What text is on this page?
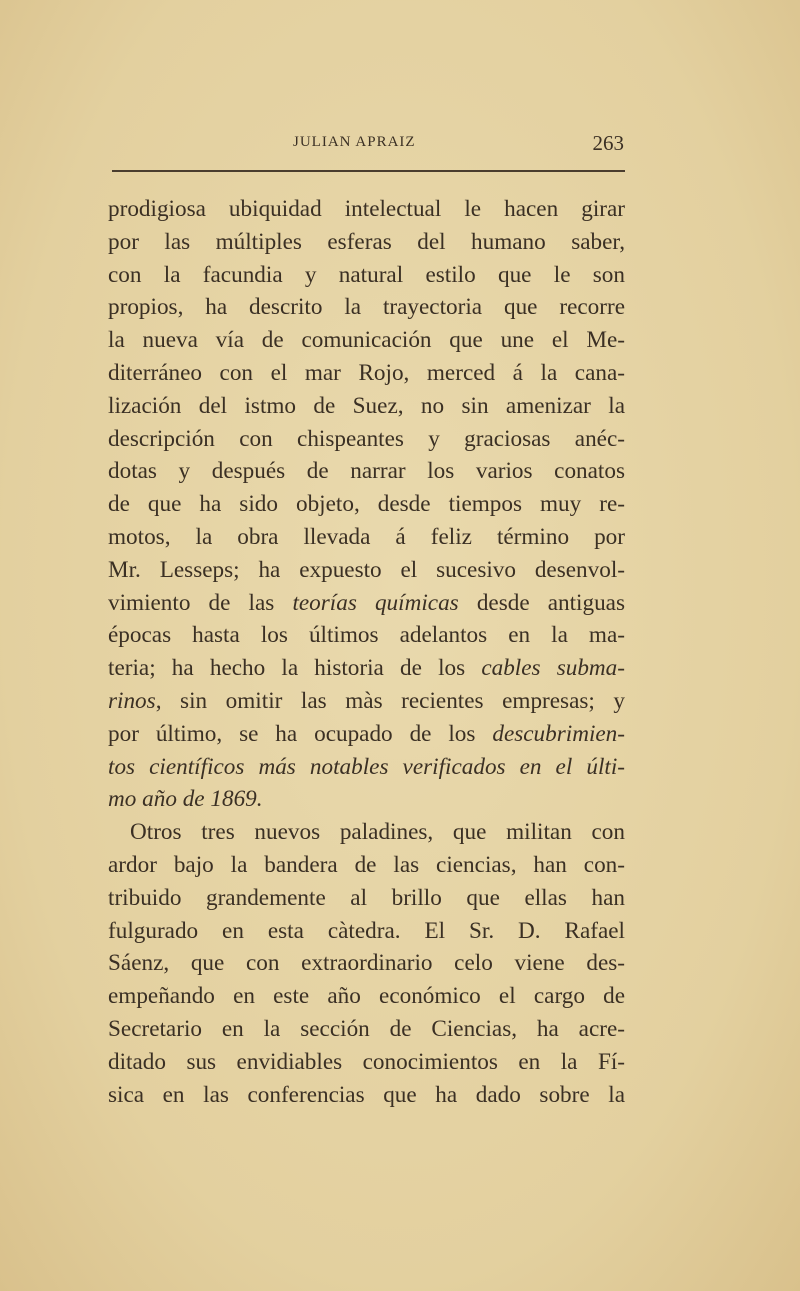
JULIAN APRAIZ	263
prodigiosa ubiquidad intelectual le hacen girar
por las múltiples esferas del humano saber,
con la facundia y natural estilo que le son
propios, ha descrito la trayectoria que recorre
la nueva vía de comunicación que une el Me-
diterráneo con el mar Rojo, merced á la cana-
lización del istmo de Suez, no sin amenizar la
descripción con chispeantes y graciosas anéc-
dotas y después de narrar los varios conatos
de que ha sido objeto, desde tiempos muy re-
motos, la obra llevada á feliz término por
Mr. Lesseps; ha expuesto el sucesivo desenvol-
vimiento de las teorías químicas desde antiguas
épocas hasta los últimos adelantos en la ma-
teria; ha hecho la historia de los cables subma-
rinos, sin omitir las màs recientes empresas; y
por último, se ha ocupado de los descubrimien-
tos científicos más notables verificados en el últi-
mo año de 1869.
Otros tres nuevos paladines, que militan con
ardor bajo la bandera de las ciencias, han con-
tribuido grandemente al brillo que ellas han
fulgurado en esta càtedra. El Sr. D. Rafael
Sáenz, que con extraordinario celo viene des-
empeñando en este año económico el cargo de
Secretario en la sección de Ciencias, ha acre-
ditado sus envidiables conocimientos en la Fí-
sica en las conferencias que ha dado sobre la
